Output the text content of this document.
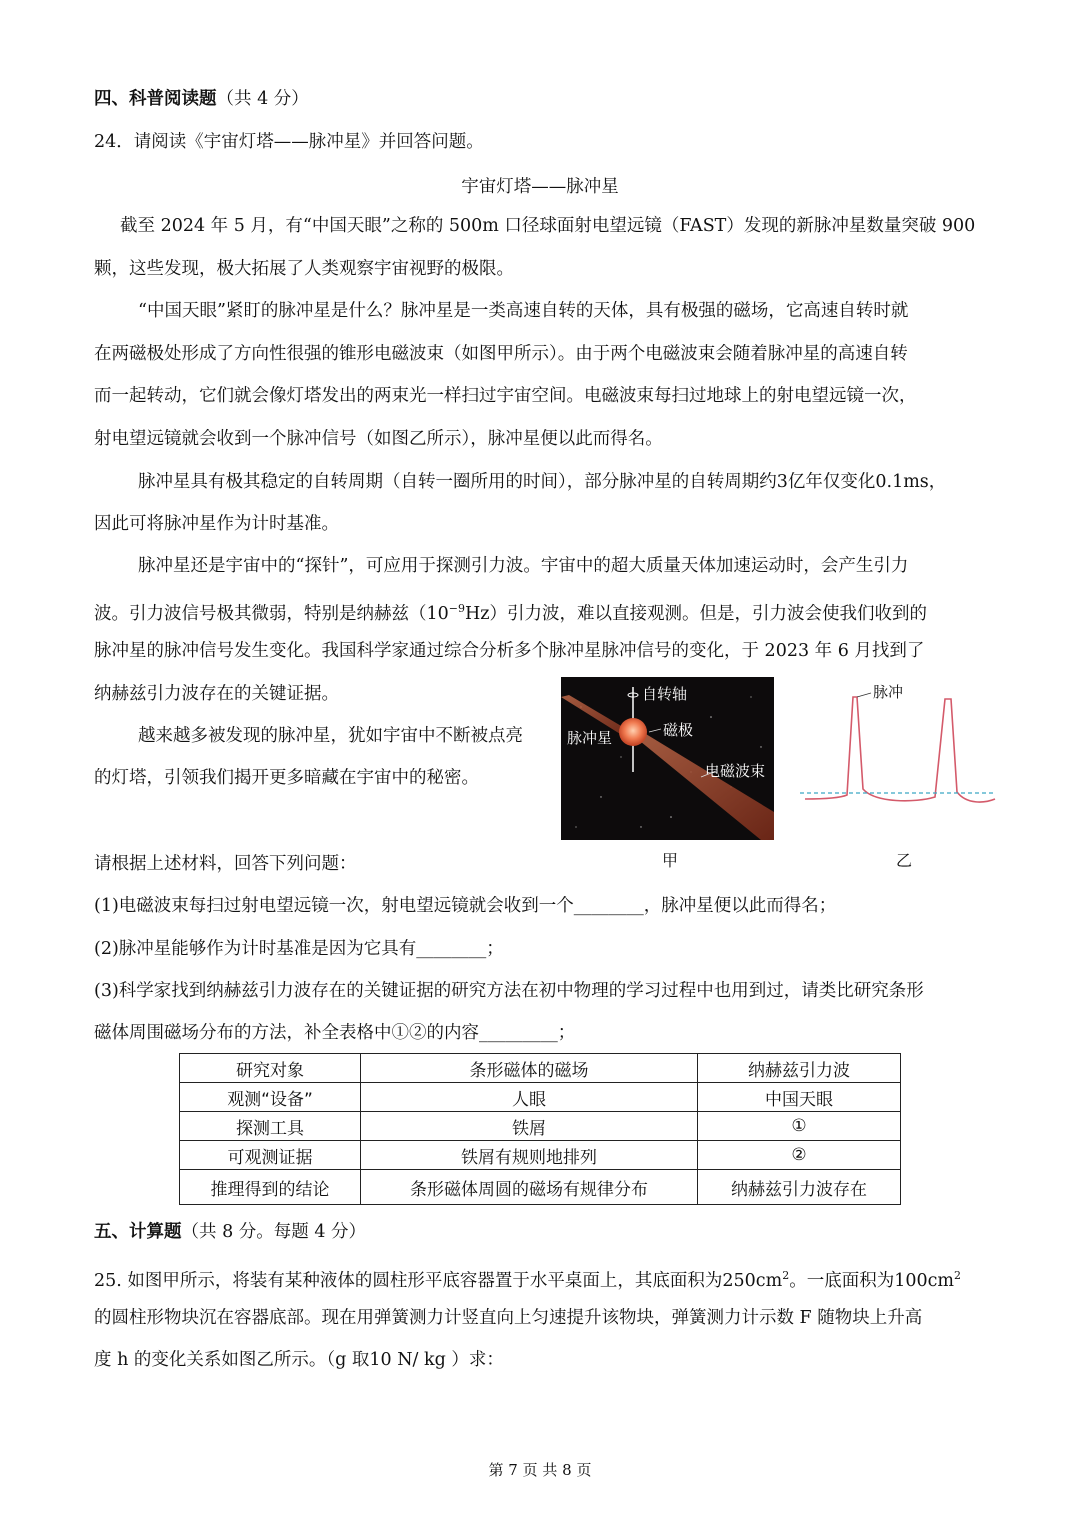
四、科普阅读题（共 4 分）
24．请阅读《宇宙灯塔——脉冲星》并回答问题。
宇宙灯塔——脉冲星
截至 2024 年 5 月，有“中国天眼”之称的 500m 口径球面射电望远镜（FAST）发现的新脉冲星数量突破 900
颗，这些发现，极大拓展了人类观察宇宙视野的极限。
“中国天眼”紧盯的脉冲星是什么？脉冲星是一类高速自转的天体，具有极强的磁场，它高速自转时就
在两磁极处形成了方向性很强的锥形电磁波束（如图甲所示）。由于两个电磁波束会随着脉冲星的高速自转
而一起转动，它们就会像灯塔发出的两束光一样扫过宇宙空间。电磁波束每扫过地球上的射电望远镜一次，
射电望远镜就会收到一个脉冲信号（如图乙所示），脉冲星便以此而得名。
脉冲星具有极其稳定的自转周期（自转一圈所用的时间），部分脉冲星的自转周期约3亿年仅变化0.1ms，
因此可将脉冲星作为计时基准。
脉冲星还是宇宙中的“探针”，可应用于探测引力波。宇宙中的超大质量天体加速运动时，会产生引力
波。引力波信号极其微弱，特别是纳赫兹$(10^{-9}Hz)$引力波，难以直接观测。但是，引力波会使我们收到的
脉冲星的脉冲信号发生变化。我国科学家通过综合分析多个脉冲星脉冲信号的变化，于 2023 年 6 月找到了
纳赫兹引力波存在的关键证据。
越来越多被发现的脉冲星，犹如宇宙中不断被点亮
的灯塔，引领我们揭开更多暗藏在宇宙中的秘密。
自转轴
磁极
脉冲星
电磁波束
甲
脉冲
乙
请根据上述材料，回答下列问题：
(1)电磁波束每扫过射电望远镜一次，射电望远镜就会收到一个________，脉冲星便以此而得名；
(2)脉冲星能够作为计时基准是因为它具有________；
(3)科学家找到纳赫兹引力波存在的关键证据的研究方法在初中物理的学习过程中也用到过，请类比研究条形
磁体周围磁场分布的方法，补全表格中①②的内容_________；
研究对象	条形磁体的磁场	纳赫兹引力波
观测“设备”	人眼	中国天眼
探测工具	铁屑	①
可观测证据	铁屑有规则地排列	②
推理得到的结论	条形磁体周圆的磁场有规律分布	纳赫兹引力波存在
五、计算题（共 8 分。每题 4 分）
25. 如图甲所示，将装有某种液体的圆柱形平底容器置于水平桌面上，其底面积为$250cm^2$。一底面积为$100cm^2$
的圆柱形物块沉在容器底部。现在用弹簧测力计竖直向上匀速提升该物块，弹簧测力计示数 F 随物块上升高
度 h 的变化关系如图乙所示。（g 取10 N/ kg ）求：
第 7 页 共 8 页
